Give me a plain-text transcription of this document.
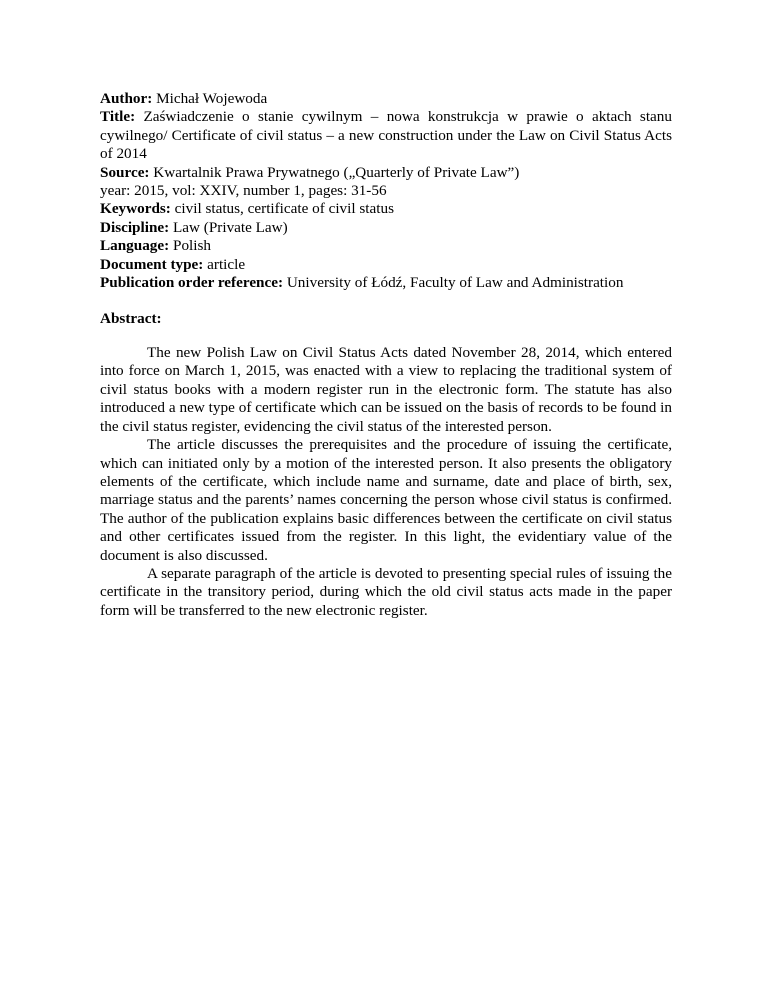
Author: Michał Wojewoda

Title: Zaświadczenie o stanie cywilnym – nowa konstrukcja w prawie o aktach stanu cywilnego/ Certificate of civil status – a new construction under the Law on Civil Status Acts of 2014

Source: Kwartalnik Prawa Prywatnego („Quarterly of Private Law”)

year: 2015, vol: XXIV, number 1, pages: 31-56

Keywords: civil status, certificate of civil status

Discipline: Law (Private Law)

Language: Polish

Document type: article

Publication order reference: University of Łódź, Faculty of Law and Administration

Abstract:

The new Polish Law on Civil Status Acts dated November 28, 2014, which entered into force on March 1, 2015, was enacted with a view to replacing the traditional system of civil status books with a modern register run in the electronic form. The statute has also introduced a new type of certificate which can be issued on the basis of records to be found in the civil status register, evidencing the civil status of the interested person.

The article discusses the prerequisites and the procedure of issuing the certificate, which can initiated only by a motion of the interested person. It also presents the obligatory elements of the certificate, which include name and surname, date and place of birth, sex, marriage status and the parents’ names concerning the person whose civil status is confirmed. The author of the publication explains basic differences between the certificate on civil status and other certificates issued from the register. In this light, the evidentiary value of the document is also discussed.

A separate paragraph of the article is devoted to presenting special rules of issuing the certificate in the transitory period, during which the old civil status acts made in the paper form will be transferred to the new electronic register.
